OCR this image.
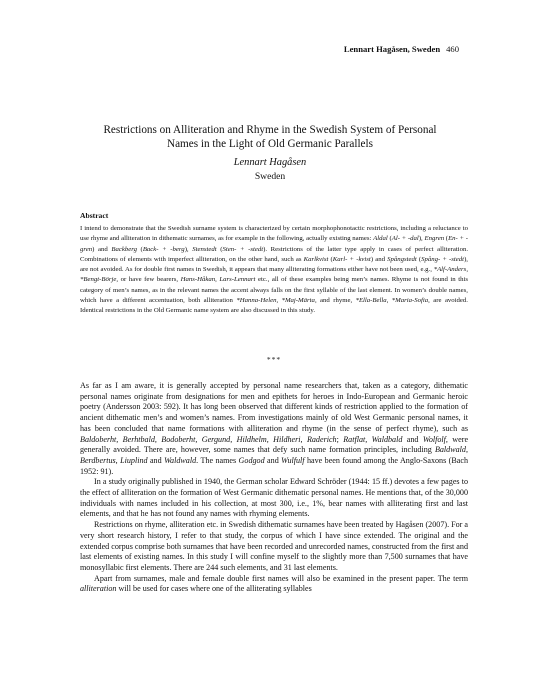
Lennart Hagåsen, Sweden 460
Restrictions on Alliteration and Rhyme in the Swedish System of Personal Names in the Light of Old Germanic Parallels
Lennart Hagåsen
Sweden
Abstract

I intend to demonstrate that the Swedish surname system is characterized by certain morphophonotactic restrictions, including a reluctance to use rhyme and alliteration in dithematic surnames, as for example in the following, actually existing names: Aldal (Al- + -dal), Engren (En- + -gren) and Backberg (Back- + -berg), Stenstedt (Sten- + -stedt). Restrictions of the latter type apply in cases of perfect alliteration. Combinations of elements with imperfect alliteration, on the other hand, such as Karlkvist (Karl- + -kvist) and Spångstedt (Spång- + -stedt), are not avoided. As for double first names in Swedish, it appears that many alliterating formations either have not been used, e.g., *Alf-Anders, *Bengt-Börje, or have few bearers, Hans-Håkan, Lars-Lennart etc., all of these examples being men’s names. Rhyme is not found in this category of men’s names, as in the relevant names the accent always falls on the first syllable of the last element. In women’s double names, which have a different accentuation, both alliteration *Hanna-Helen, *Maj-Märta, and rhyme, *Ella-Bella, *Maria-Sofia, are avoided. Identical restrictions in the Old Germanic name system are also discussed in this study.

***

As far as I am aware, it is generally accepted by personal name researchers that, taken as a category, dithematic personal names originate from designations for men and epithets for heroes in Indo-European and Germanic heroic poetry (Andersson 2003: 592). It has long been observed that different kinds of restriction applied to the formation of ancient dithematic men’s and women’s names. From investigations mainly of old West Germanic personal names, it has been concluded that name formations with alliteration and rhyme (in the sense of perfect rhyme), such as Baldoberht, Berhtbald, Bodoberht, Gergund, Hildhelm, Hildheri, Raderich; Ratflat, Waldbald and Wolfolf, were generally avoided. There are, however, some names that defy such name formation principles, including Baldwald, Berdbertus, Liuplind and Waldwald. The names Godgod and Wulfulf have been found among the Anglo-Saxons (Bach 1952: 91).

In a study originally published in 1940, the German scholar Edward Schröder (1944: 15 ff.) devotes a few pages to the effect of alliteration on the formation of West Germanic dithematic personal names. He mentions that, of the 30,000 individuals with names included in his collection, at most 300, i.e., 1%, bear names with alliterating first and last elements, and that he has not found any names with rhyming elements.

Restrictions on rhyme, alliteration etc. in Swedish dithematic surnames have been treated by Hagåsen (2007). For a very short research history, I refer to that study, the corpus of which I have since extended. The original and the extended corpus comprise both surnames that have been recorded and unrecorded names, constructed from the first and last elements of existing names. In this study I will confine myself to the slightly more than 7,500 surnames that have monosyllabic first elements. There are 244 such elements, and 31 last elements.

Apart from surnames, male and female double first names will also be examined in the present paper. The term alliteration will be used for cases where one of the alliterating syllables
